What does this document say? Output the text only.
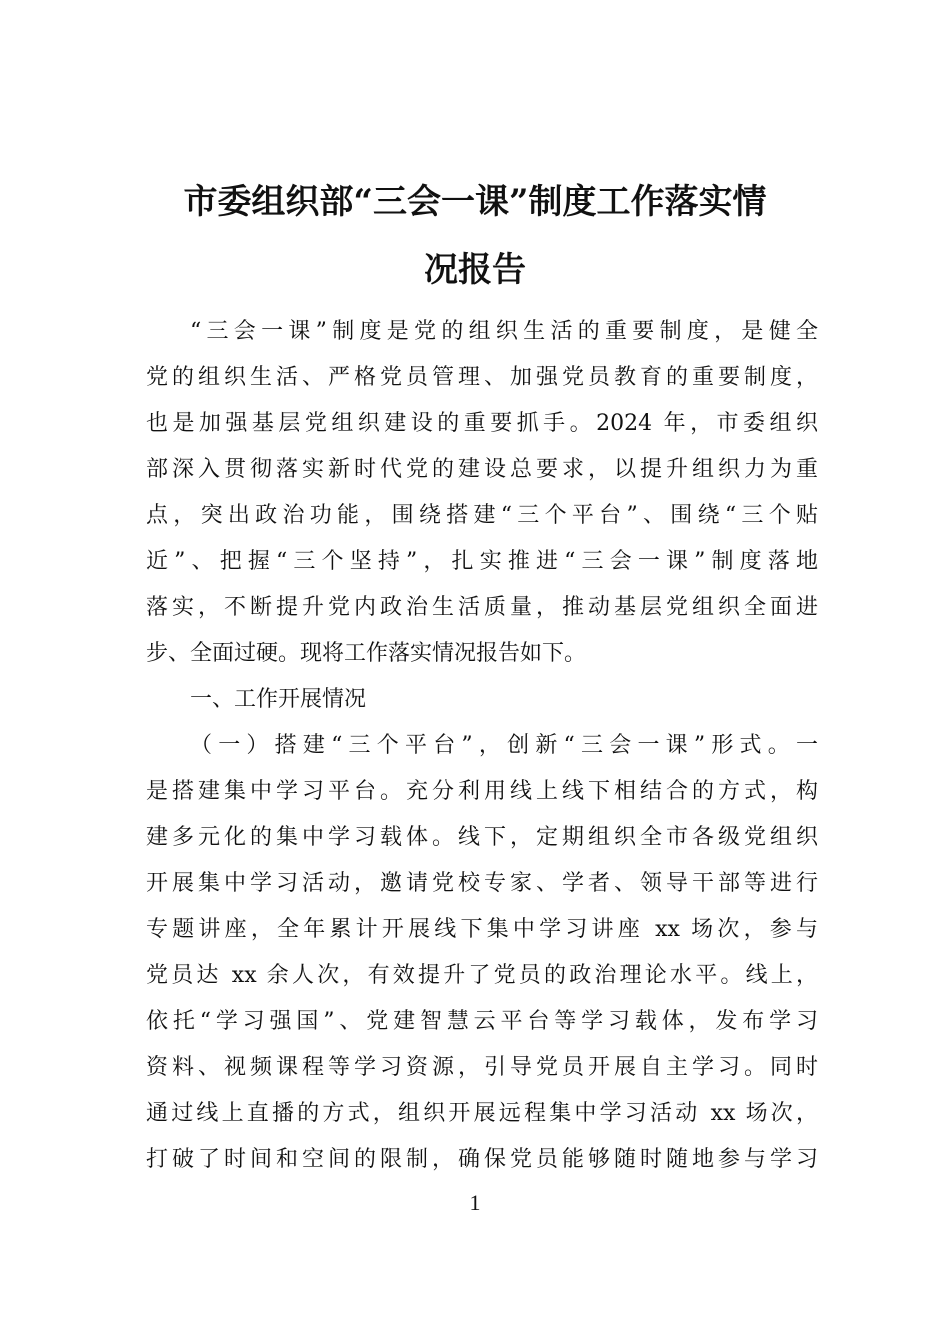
市委组织部“三会一课”制度工作落实情
况报告
“三会一课”制度是党的组织生活的重要制度，是健全
党的组织生活、严格党员管理、加强党员教育的重要制度，
也是加强基层党组织建设的重要抓手。2024 年，市委组织
部深入贯彻落实新时代党的建设总要求，以提升组织力为重
点，突出政治功能，围绕搭建“三个平台”、围绕“三个贴
近”、把握“三个坚持”，扎实推进“三会一课”制度落地
落实，不断提升党内政治生活质量，推动基层党组织全面进
步、全面过硬。现将工作落实情况报告如下。
一、工作开展情况
（一）搭建“三个平台”，创新“三会一课”形式。一
是搭建集中学习平台。充分利用线上线下相结合的方式，构
建多元化的集中学习载体。线下，定期组织全市各级党组织
开展集中学习活动，邀请党校专家、学者、领导干部等进行
专题讲座，全年累计开展线下集中学习讲座 xx 场次，参与
党员达 xx 余人次，有效提升了党员的政治理论水平。线上，
依托“学习强国”、党建智慧云平台等学习载体，发布学习
资料、视频课程等学习资源，引导党员开展自主学习。同时
通过线上直播的方式，组织开展远程集中学习活动 xx 场次，
打破了时间和空间的限制，确保党员能够随时随地参与学习
1
